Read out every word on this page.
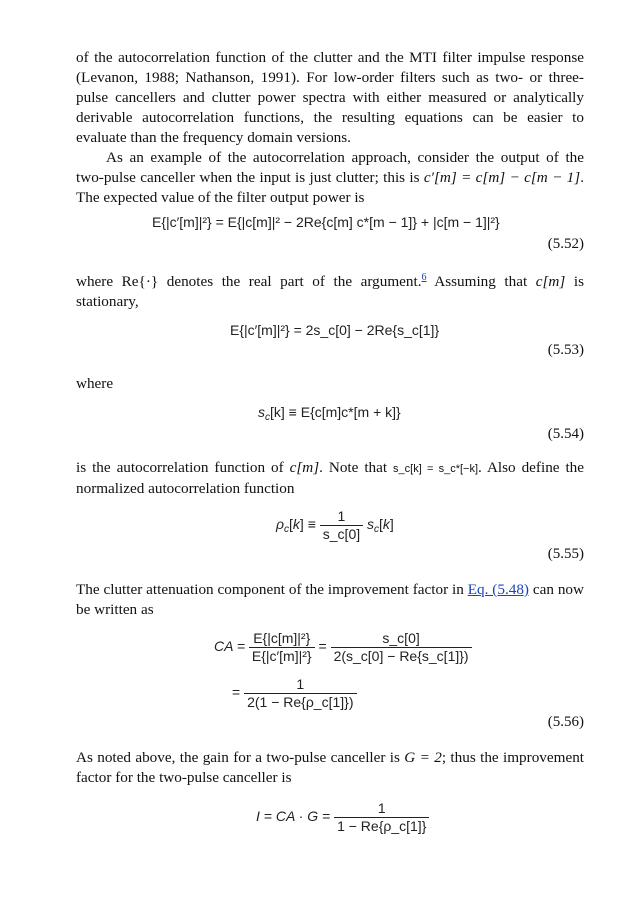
of the autocorrelation function of the clutter and the MTI filter impulse response (Levanon, 1988; Nathanson, 1991). For low-order filters such as two- or three-pulse cancellers and clutter power spectra with either measured or analytically derivable autocorrelation functions, the resulting equations can be easier to evaluate than the frequency domain versions.

As an example of the autocorrelation approach, consider the output of the two-pulse canceller when the input is just clutter; this is c′[m] = c[m] − c[m − 1]. The expected value of the filter output power is

E{|c′[m]|²} = E{|c[m]|² − 2Re{c[m] c*[m − 1]} + |c[m − 1]|²}
(5.52)

where Re{·} denotes the real part of the argument.$^6$ Assuming that c[m] is stationary,

E{|c′[m]|²} = 2s_c[0] − 2Re{s_c[1]}
(5.53)

where

$s_c[k] \equiv E\{c[m]c*[m + k]\}$
(5.54)

is the autocorrelation function of c[m]. Note that s_c[k] = s_c*[−k]. Also define the normalized autocorrelation function

$\rho_c[k] \equiv \frac{1}{s\_c[0]} s_c[k]$
(5.55)

The clutter attenuation component of the improvement factor in Eq. (5.48) can now be written as

CA = $\frac{\text{E\{|c[m]|²\}}}{\text{E\{|c′[m]|²\}}} = \frac{s\_c[0]}{2(s\_c[0] - Re\{s\_c[1]\})}$
= $\frac{1}{2(1 - Re\{\rho\_c[1]\})}$
(5.56)

As noted above, the gain for a two-pulse canceller is G = 2; thus the improvement factor for the two-pulse canceller is

I = CA · $G = \frac{1}{1 - Re\{\rho\_c[1]\}}$
